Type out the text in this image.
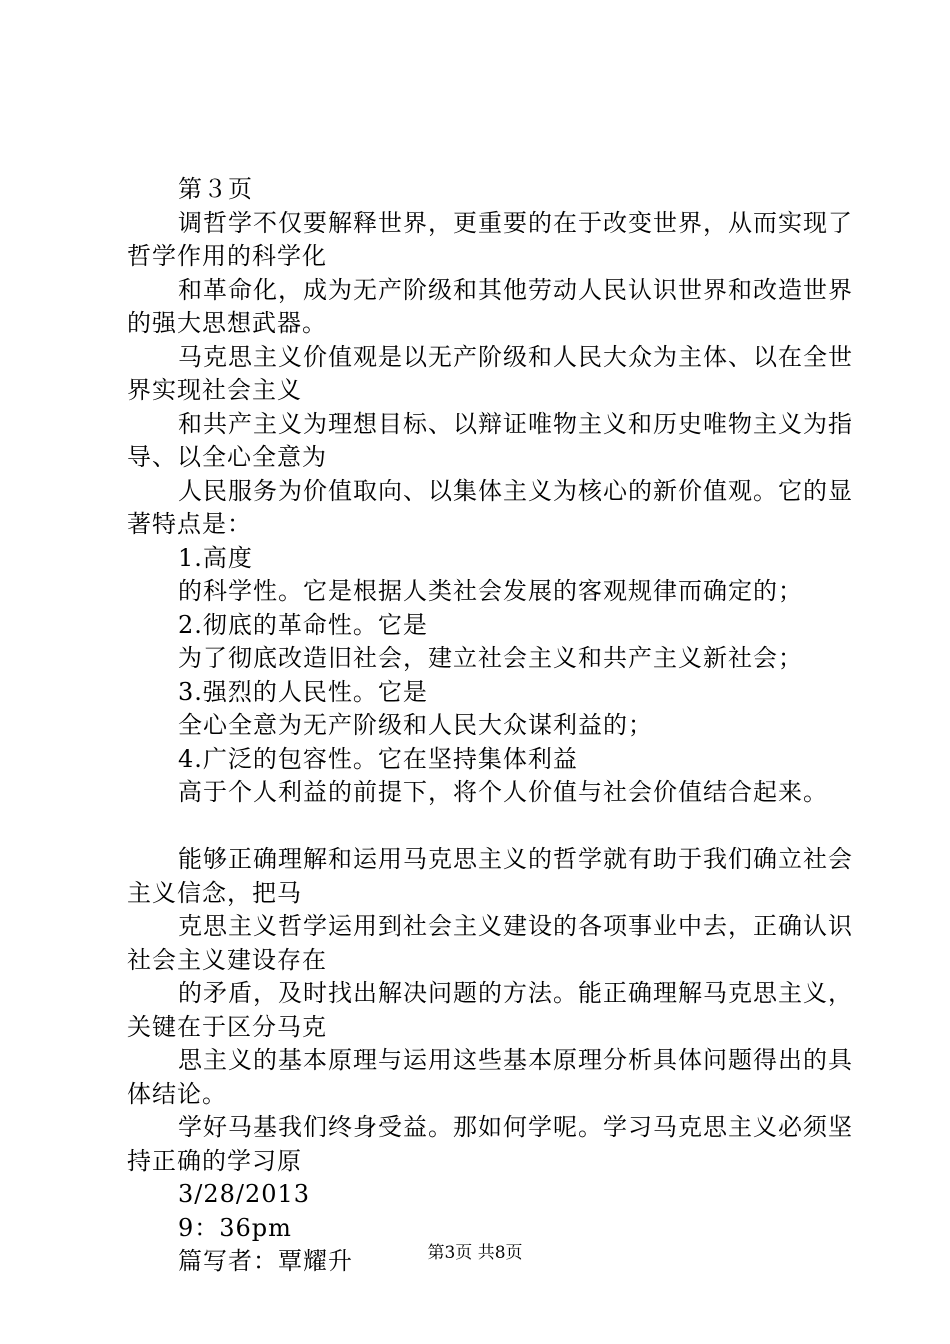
第３页

调哲学不仅要解释世界，更重要的在于改变世界，从而实现了哲学作用的科学化

和革命化，成为无产阶级和其他劳动人民认识世界和改造世界的强大思想武器。

马克思主义价值观是以无产阶级和人民大众为主体、以在全世界实现社会主义

和共产主义为理想目标、以辩证唯物主义和历史唯物主义为指导、以全心全意为

人民服务为价值取向、以集体主义为核心的新价值观。它的显著特点是：

1.高度

的科学性。它是根据人类社会发展的客观规律而确定的；

2.彻底的革命性。它是

为了彻底改造旧社会，建立社会主义和共产主义新社会；

3.强烈的人民性。它是

全心全意为无产阶级和人民大众谋利益的；

4.广泛的包容性。它在坚持集体利益

高于个人利益的前提下，将个人价值与社会价值结合起来。

能够正确理解和运用马克思主义的哲学就有助于我们确立社会主义信念，把马

克思主义哲学运用到社会主义建设的各项事业中去，正确认识社会主义建设存在

的矛盾，及时找出解决问题的方法。能正确理解马克思主义，关键在于区分马克

思主义的基本原理与运用这些基本原理分析具体问题得出的具体结论。

学好马基我们终身受益。那如何学呢。学习马克思主义必须坚持正确的学习原

3/28/2013

9：36pm

篇写者：覃耀升	第3页 共8页
